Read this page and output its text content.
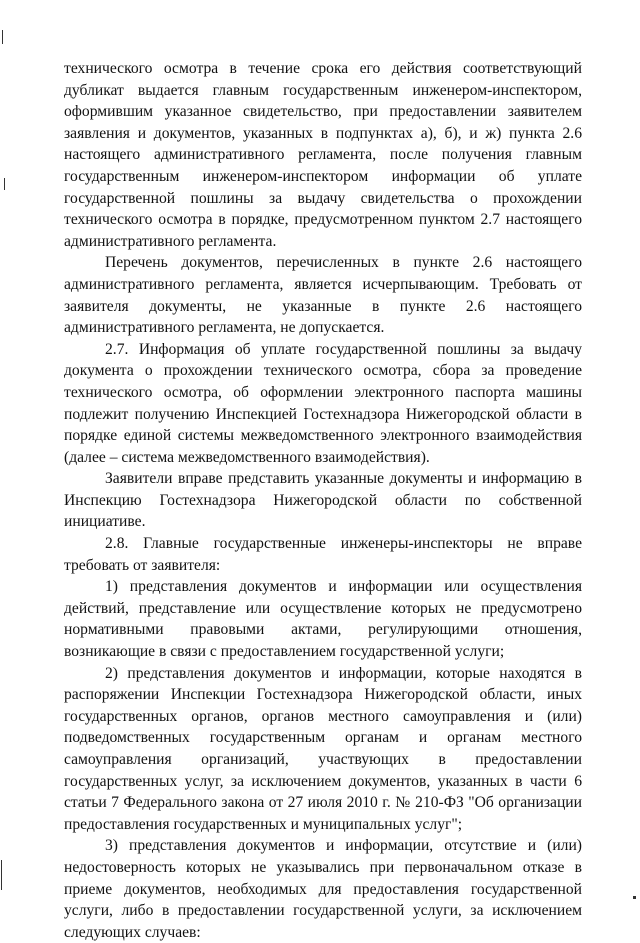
технического осмотра в течение срока его действия соответствующий дубликат выдается главным государственным инженером-инспектором, оформившим указанное свидетельство, при предоставлении заявителем заявления и документов, указанных в подпунктах а), б), и ж) пункта 2.6 настоящего административного регламента, после получения главным государственным инженером-инспектором информации об уплате государственной пошлины за выдачу свидетельства о прохождении технического осмотра в порядке, предусмотренном пунктом 2.7 настоящего административного регламента.

Перечень документов, перечисленных в пункте 2.6 настоящего административного регламента, является исчерпывающим. Требовать от заявителя документы, не указанные в пункте 2.6 настоящего административного регламента, не допускается.

2.7. Информация об уплате государственной пошлины за выдачу документа о прохождении технического осмотра, сбора за проведение технического осмотра, об оформлении электронного паспорта машины подлежит получению Инспекцией Гостехнадзора Нижегородской области в порядке единой системы межведомственного электронного взаимодействия (далее – система межведомственного взаимодействия).

Заявители вправе представить указанные документы и информацию в Инспекцию Гостехнадзора Нижегородской области по собственной инициативе.

2.8. Главные государственные инженеры-инспекторы не вправе требовать от заявителя:

1) представления документов и информации или осуществления действий, представление или осуществление которых не предусмотрено нормативными правовыми актами, регулирующими отношения, возникающие в связи с предоставлением государственной услуги;

2) представления документов и информации, которые находятся в распоряжении Инспекции Гостехнадзора Нижегородской области, иных государственных органов, органов местного самоуправления и (или) подведомственных государственным органам и органам местного самоуправления организаций, участвующих в предоставлении государственных услуг, за исключением документов, указанных в части 6 статьи 7 Федерального закона от 27 июля 2010 г. № 210-ФЗ "Об организации предоставления государственных и муниципальных услуг";

3) представления документов и информации, отсутствие и (или) недостоверность которых не указывались при первоначальном отказе в приеме документов, необходимых для предоставления государственной услуги, либо в предоставлении государственной услуги, за исключением следующих случаев:
